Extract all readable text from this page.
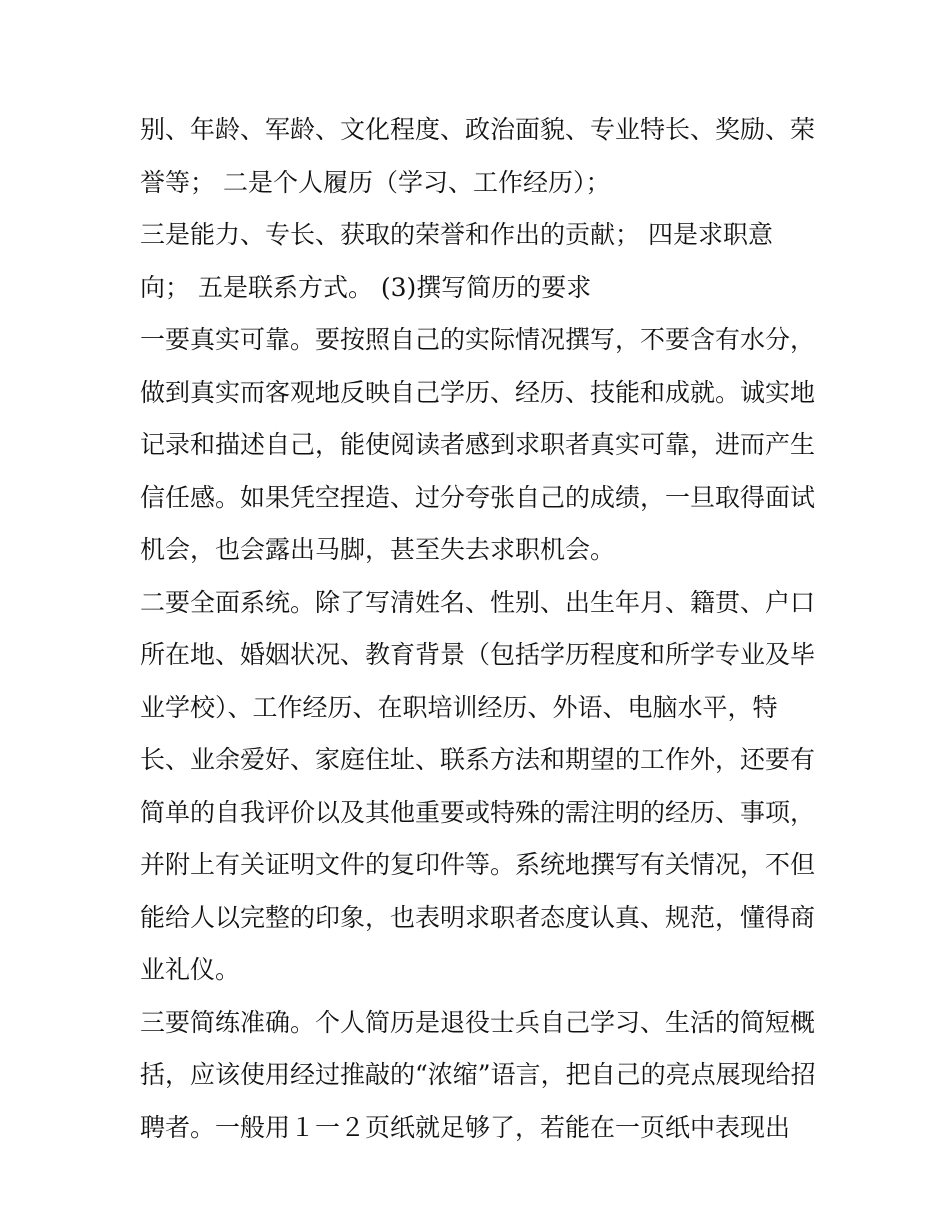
别、年龄、军龄、文化程度、政治面貌、专业特长、奖励、荣
誉等； 二是个人履历（学习、工作经历）；
三是能力、专长、获取的荣誉和作出的贡献； 四是求职意
向； 五是联系方式。 (3)撰写简历的要求
一要真实可靠。要按照自己的实际情况撰写，不要含有水分，
做到真实而客观地反映自己学历、经历、技能和成就。诚实地
记录和描述自己，能使阅读者感到求职者真实可靠，进而产生
信任感。如果凭空捏造、过分夸张自己的成绩，一旦取得面试
机会，也会露出马脚，甚至失去求职机会。
二要全面系统。除了写清姓名、性别、出生年月、籍贯、户口
所在地、婚姻状况、教育背景（包括学历程度和所学专业及毕
业学校）、工作经历、在职培训经历、外语、电脑水平，特
长、业余爱好、家庭住址、联系方法和期望的工作外，还要有
简单的自我评价以及其他重要或特殊的需注明的经历、事项，
并附上有关证明文件的复印件等。系统地撰写有关情况，不但
能给人以完整的印象，也表明求职者态度认真、规范，懂得商
业礼仪。
三要简练准确。个人简历是退役士兵自己学习、生活的简短概
括，应该使用经过推敲的“浓缩”语言，把自己的亮点展现给招
聘者。一般用１一２页纸就足够了，若能在一页纸中表现出
